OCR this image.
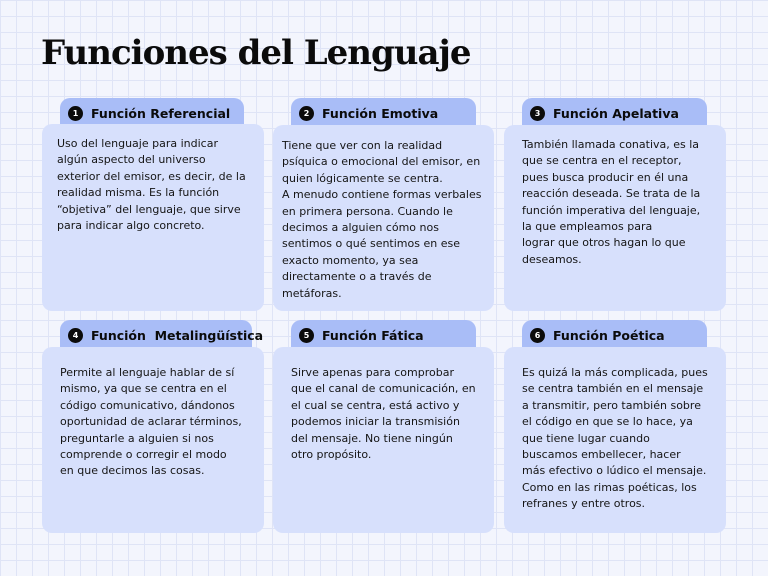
Funciones del Lenguaje
1	Función Referencial
Uso del lenguaje para indicar
algún aspecto del universo
exterior del emisor, es decir, de la
realidad misma. Es la función
“objetiva” del lenguaje, que sirve
para indicar algo concreto.
2	Función Emotiva
Tiene que ver con la realidad
psíquica o emocional del emisor, en
quien lógicamente se centra.
A menudo contiene formas verbales
en primera persona. Cuando le
decimos a alguien cómo nos
sentimos o qué sentimos en ese
exacto momento, ya sea
directamente o a través de
metáforas.
3	Función Apelativa
También llamada conativa, es la
que se centra en el receptor,
pues busca producir en él una
reacción deseada. Se trata de la
función imperativa del lenguaje,
la que empleamos para
lograr que otros hagan lo que
deseamos.
4	Función  Metalingüística
Permite al lenguaje hablar de sí
mismo, ya que se centra en el
código comunicativo, dándonos
oportunidad de aclarar términos,
preguntarle a alguien si nos
comprende o corregir el modo
en que decimos las cosas.
5	Función Fática
Sirve apenas para comprobar
que el canal de comunicación, en
el cual se centra, está activo y
podemos iniciar la transmisión
del mensaje. No tiene ningún
otro propósito.
6	Función Poética
Es quizá la más complicada, pues
se centra también en el mensaje
a transmitir, pero también sobre
el código en que se lo hace, ya
que tiene lugar cuando
buscamos embellecer, hacer
más efectivo o lúdico el mensaje.
Como en las rimas poéticas, los
refranes y entre otros.
